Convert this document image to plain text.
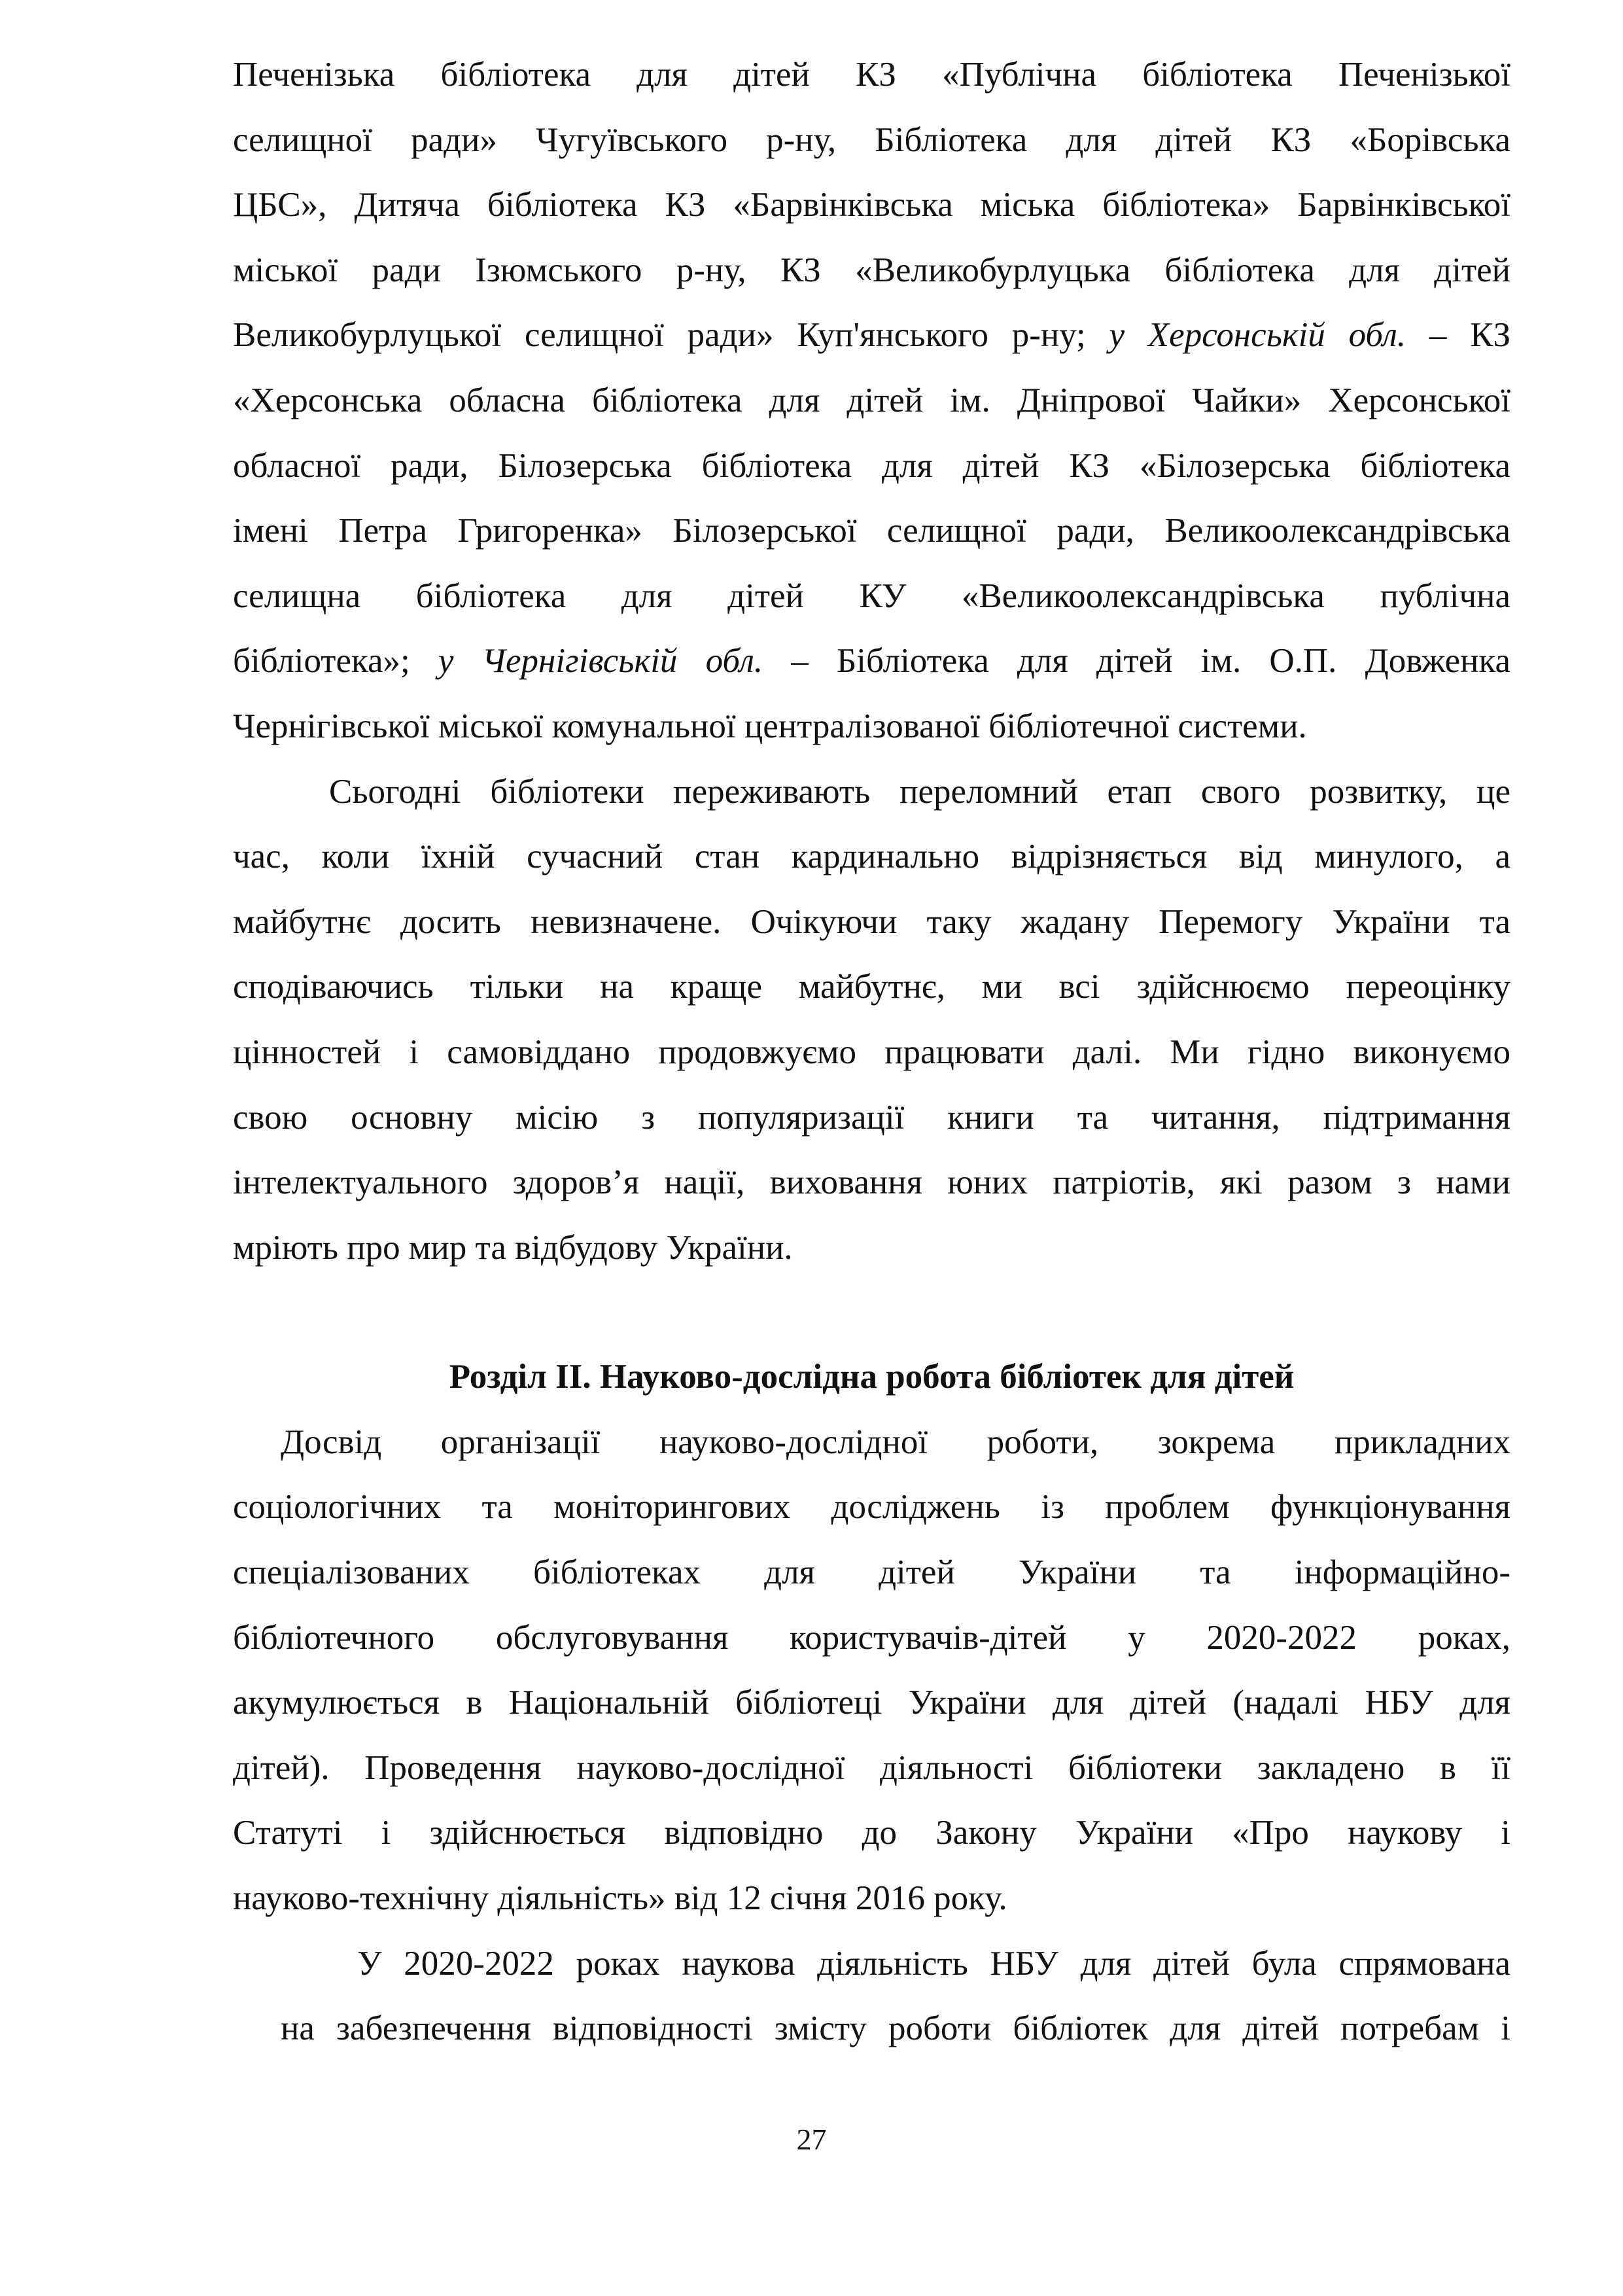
Печенізька бібліотека для дітей КЗ «Публічна бібліотека Печенізької
селищної ради» Чугуївського р-ну, Бібліотека для дітей КЗ «Борівська
ЦБС», Дитяча бібліотека КЗ «Барвінківська міська бібліотека» Барвінківської
міської ради Ізюмського р-ну, КЗ «Великобурлуцька бібліотека для дітей
Великобурлуцької селищної ради» Куп'янського р-ну; у Херсонській обл. – КЗ
«Херсонська обласна бібліотека для дітей ім. Дніпрової Чайки» Херсонської
обласної ради, Білозерська бібліотека для дітей КЗ «Білозерська бібліотека
імені Петра Григоренка» Білозерської селищної ради, Великоолександрівська
селищна бібліотека для дітей КУ «Великоолександрівська публічна
бібліотека»; у Чернігівській обл. – Бібліотека для дітей ім. О.П. Довженка
Чернігівської міської комунальної централізованої бібліотечної системи.
Сьогодні бібліотеки переживають переломний етап свого розвитку, це
час, коли їхній сучасний стан кардинально відрізняється від минулого, а
майбутнє досить невизначене. Очікуючи таку жадану Перемогу України та
сподіваючись тільки на краще майбутнє, ми всі здійснюємо переоцінку
цінностей і самовіддано продовжуємо працювати далі. Ми гідно виконуємо
свою основну місію з популяризації книги та читання, підтримання
інтелектуального здоров’я нації, виховання юних патріотів, які разом з нами
мріють про мир та відбудову України.
Розділ ІІ. Науково-дослідна робота бібліотек для дітей
Досвід організації науково-дослідної роботи, зокрема прикладних
соціологічних та моніторингових досліджень із проблем функціонування
спеціалізованих бібліотеках для дітей України та інформаційно-
бібліотечного обслуговування користувачів-дітей у 2020-2022 роках,
акумулюється в Національній бібліотеці України для дітей (надалі НБУ для
дітей). Проведення науково-дослідної діяльності бібліотеки закладено в її
Статуті і здійснюється відповідно до Закону України «Про наукову і
науково-технічну діяльність» від 12 січня 2016 року.
У 2020-2022 роках наукова діяльність НБУ для дітей була спрямована
на забезпечення відповідності змісту роботи бібліотек для дітей потребам і
27
